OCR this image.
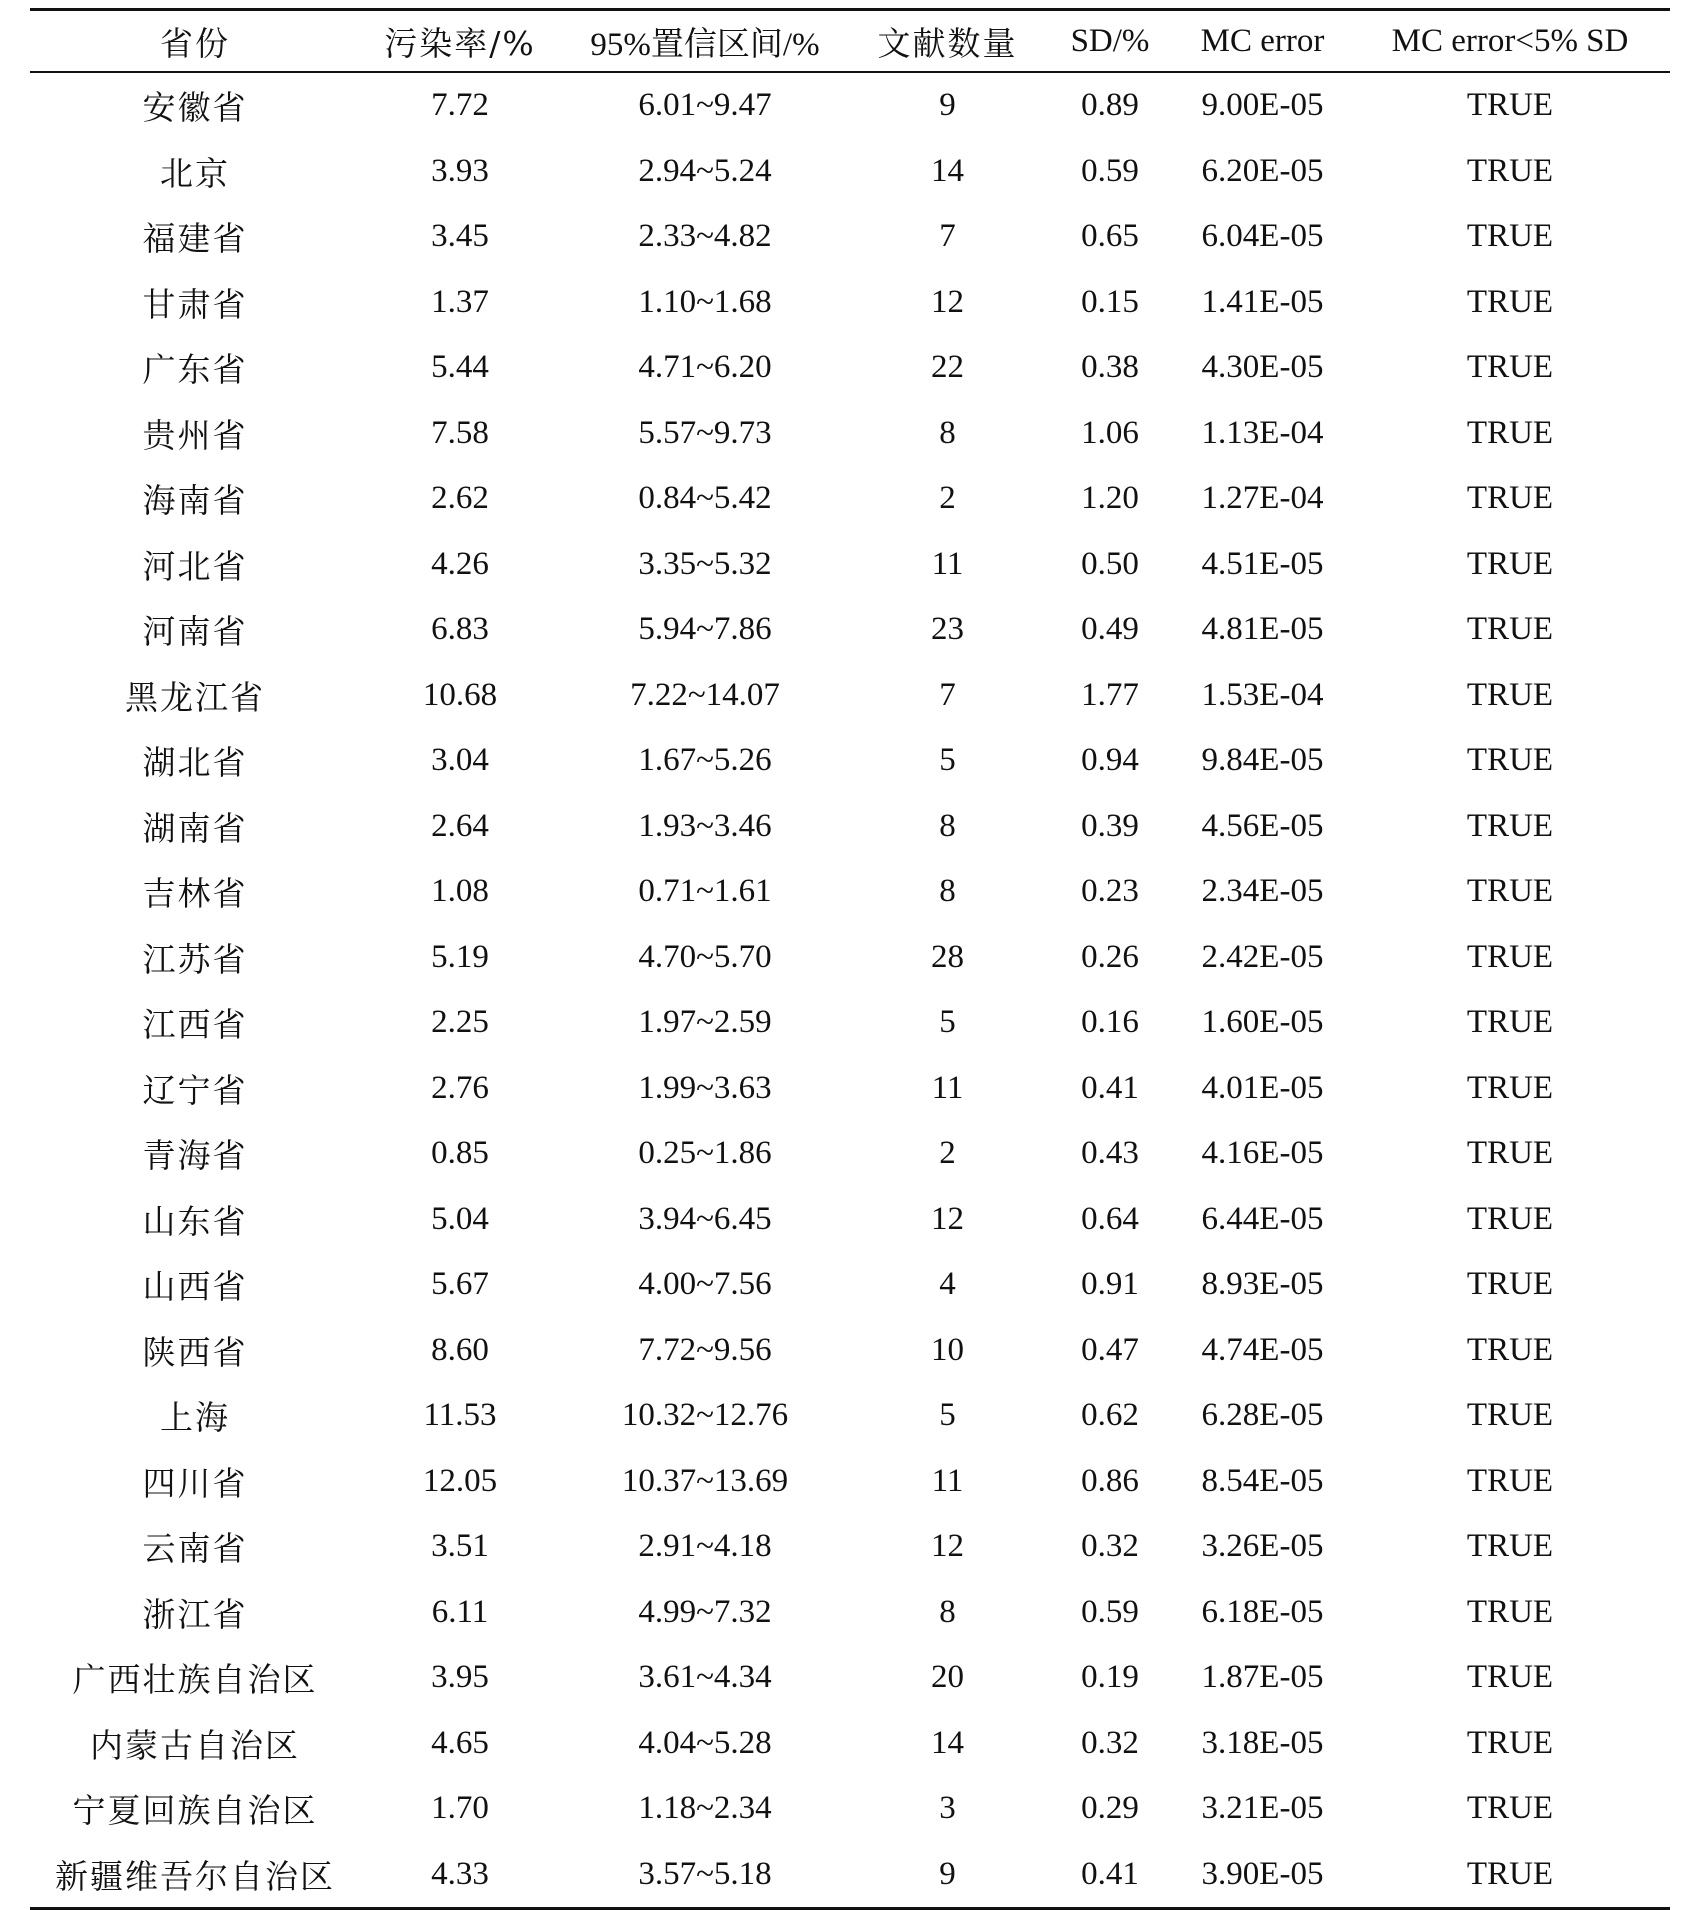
省份	污染率/%	95%置信区间/%	文献数量	SD/%	MC error	MC error<5% SD
安徽省	7.72	6.01~9.47	9	0.89	9.00E-05	TRUE
北京	3.93	2.94~5.24	14	0.59	6.20E-05	TRUE
福建省	3.45	2.33~4.82	7	0.65	6.04E-05	TRUE
甘肃省	1.37	1.10~1.68	12	0.15	1.41E-05	TRUE
广东省	5.44	4.71~6.20	22	0.38	4.30E-05	TRUE
贵州省	7.58	5.57~9.73	8	1.06	1.13E-04	TRUE
海南省	2.62	0.84~5.42	2	1.20	1.27E-04	TRUE
河北省	4.26	3.35~5.32	11	0.50	4.51E-05	TRUE
河南省	6.83	5.94~7.86	23	0.49	4.81E-05	TRUE
黑龙江省	10.68	7.22~14.07	7	1.77	1.53E-04	TRUE
湖北省	3.04	1.67~5.26	5	0.94	9.84E-05	TRUE
湖南省	2.64	1.93~3.46	8	0.39	4.56E-05	TRUE
吉林省	1.08	0.71~1.61	8	0.23	2.34E-05	TRUE
江苏省	5.19	4.70~5.70	28	0.26	2.42E-05	TRUE
江西省	2.25	1.97~2.59	5	0.16	1.60E-05	TRUE
辽宁省	2.76	1.99~3.63	11	0.41	4.01E-05	TRUE
青海省	0.85	0.25~1.86	2	0.43	4.16E-05	TRUE
山东省	5.04	3.94~6.45	12	0.64	6.44E-05	TRUE
山西省	5.67	4.00~7.56	4	0.91	8.93E-05	TRUE
陕西省	8.60	7.72~9.56	10	0.47	4.74E-05	TRUE
上海	11.53	10.32~12.76	5	0.62	6.28E-05	TRUE
四川省	12.05	10.37~13.69	11	0.86	8.54E-05	TRUE
云南省	3.51	2.91~4.18	12	0.32	3.26E-05	TRUE
浙江省	6.11	4.99~7.32	8	0.59	6.18E-05	TRUE
广西壮族自治区	3.95	3.61~4.34	20	0.19	1.87E-05	TRUE
内蒙古自治区	4.65	4.04~5.28	14	0.32	3.18E-05	TRUE
宁夏回族自治区	1.70	1.18~2.34	3	0.29	3.21E-05	TRUE
新疆维吾尔自治区	4.33	3.57~5.18	9	0.41	3.90E-05	TRUE
